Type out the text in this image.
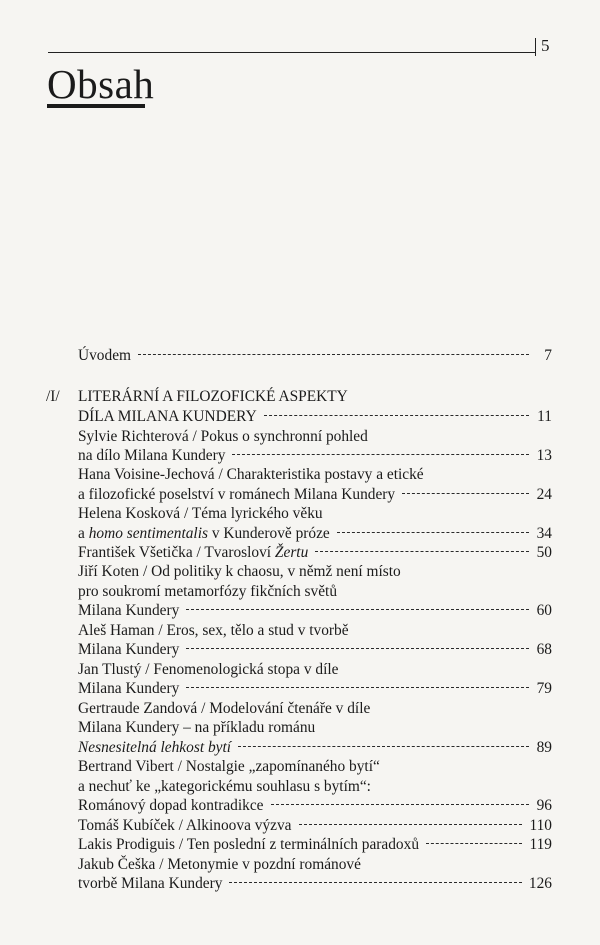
5
Obsah
Úvodem	7
/I/ LITERÁRNÍ A FILOZOFICKÉ ASPEKTY
DÍLA MILANA KUNDERY	11
Sylvie Richterová / Pokus o synchronní pohled
na dílo Milana Kundery	13
Hana Voisine-Jechová / Charakteristika postavy a etické
a filozofické poselství v románech Milana Kundery	24
Helena Kosková / Téma lyrického věku
a homo sentimentalis v Kunderově próze	34
František Všetička / Tvarosloví Žertu	50
Jiří Koten / Od politiky k chaosu, v němž není místo
pro soukromí metamorfózy fikčních světů
Milana Kundery	60
Aleš Haman / Eros, sex, tělo a stud v tvorbě
Milana Kundery	68
Jan Tlustý / Fenomenologická stopa v díle
Milana Kundery	79
Gertraude Zandová / Modelování čtenáře v díle
Milana Kundery – na příkladu románu
Nesnesitelná lehkost bytí	89
Bertrand Vibert / Nostalgie „zapomínaného bytí“
a nechuť ke „kategorickému souhlasu s bytím“:
Románový dopad kontradikce	96
Tomáš Kubíček / Alkinoova výzva	110
Lakis Prodiguis / Ten poslední z terminálních paradoxů	119
Jakub Češka / Metonymie v pozdní románové
tvorbě Milana Kundery	126
